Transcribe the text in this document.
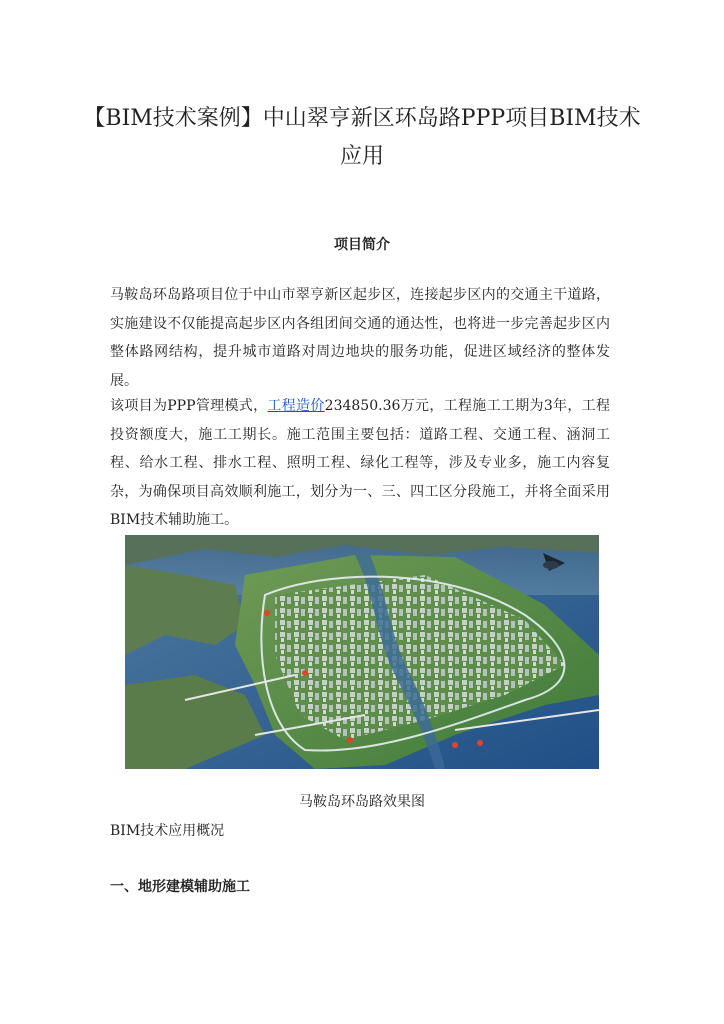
【BIM技术案例】中山翠亨新区环岛路PPP项目BIM技术应用
项目简介

马鞍岛环岛路项目位于中山市翠亨新区起步区，连接起步区内的交通主干道路，实施建设不仅能提高起步区内各组团间交通的通达性，也将进一步完善起步区内整体路网结构，提升城市道路对周边地块的服务功能，促进区域经济的整体发展。

该项目为PPP管理模式，工程造价234850.36万元，工程施工工期为3年，工程投资额度大，施工工期长。施工范围主要包括：道路工程、交通工程、涵洞工程、给水工程、排水工程、照明工程、绿化工程等，涉及专业多，施工内容复杂，为确保项目高效顺利施工，划分为一、三、四工区分段施工，并将全面采用BIM技术辅助施工。

马鞍岛环岛路效果图
BIM技术应用概况
一、地形建模辅助施工
